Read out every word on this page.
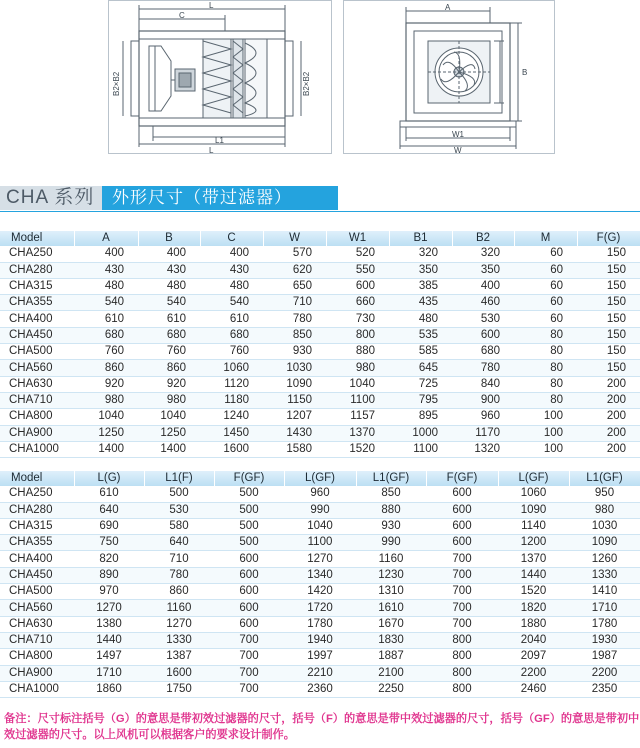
L
C
L1
L
B2×B2	B2×B2
A
B
W1
W
CHA 系列	外形尺寸（带过滤器）
Model	A	B	C	W	W1	B1	B2	M	F(G)
CHA250	400	400	400	570	520	320	320	60	150
CHA280	430	430	430	620	550	350	350	60	150
CHA315	480	480	480	650	600	385	400	60	150
CHA355	540	540	540	710	660	435	460	60	150
CHA400	610	610	610	780	730	480	530	60	150
CHA450	680	680	680	850	800	535	600	80	150
CHA500	760	760	760	930	880	585	680	80	150
CHA560	860	860	1060	1030	980	645	780	80	150
CHA630	920	920	1120	1090	1040	725	840	80	200
CHA710	980	980	1180	1150	1100	795	900	80	200
CHA800	1040	1040	1240	1207	1157	895	960	100	200
CHA900	1250	1250	1450	1430	1370	1000	1170	100	200
CHA1000	1400	1400	1600	1580	1520	1100	1320	100	200
Model	L(G)	L1(F)	F(GF)	L(GF)	L1(GF)	F(GF)	L(GF)	L1(GF)
CHA250	610	500	500	960	850	600	1060	950
CHA280	640	530	500	990	880	600	1090	980
CHA315	690	580	500	1040	930	600	1140	1030
CHA355	750	640	500	1100	990	600	1200	1090
CHA400	820	710	600	1270	1160	700	1370	1260
CHA450	890	780	600	1340	1230	700	1440	1330
CHA500	970	860	600	1420	1310	700	1520	1410
CHA560	1270	1160	600	1720	1610	700	1820	1710
CHA630	1380	1270	600	1780	1670	700	1880	1780
CHA710	1440	1330	700	1940	1830	800	2040	1930
CHA800	1497	1387	700	1997	1887	800	2097	1987
CHA900	1710	1600	700	2210	2100	800	2200	2200
CHA1000	1860	1750	700	2360	2250	800	2460	2350
备注：尺寸标注括号（G）的意思是带初效过滤器的尺寸，括号（F）的意思是带中效过滤器的尺寸，括号（GF）的意思是带初中效过滤器的尺寸。以上风机可以根据客户的要求设计制作。
